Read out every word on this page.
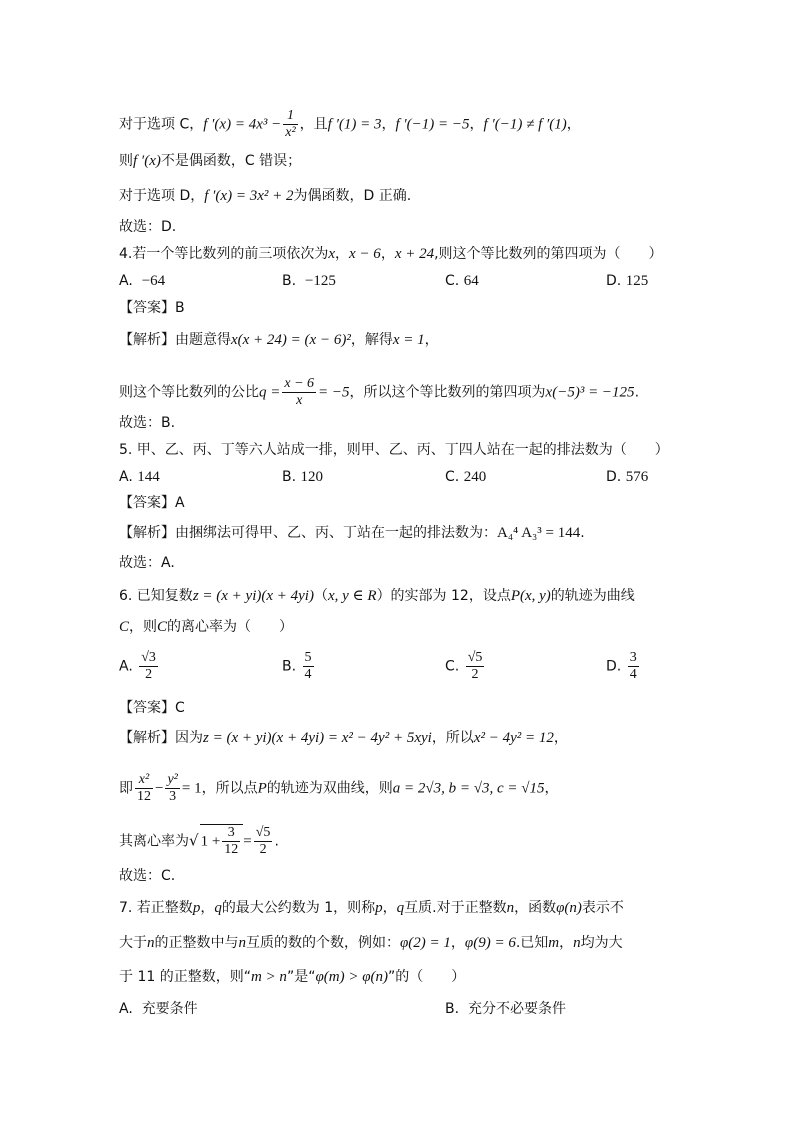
对于选项 C，f $'(x) = 4x^3 - \frac{1}{\text{x²}}$ ，且f ′(1) = 3，f ′(−1) = −5，f ′(−1) ≠ f ′(1)，
则f ′(x)不是偶函数，C 错误；
对于选项 D，f ′(x) = 3x² + 2为偶函数，D 正确.
故选：D.
4.若一个等比数列的前三项依次为x，x − 6，x + 24,则这个等比数列的第四项为（　　）
A. −64	B. −125	C. 64	D. 125
【答案】B
【解析】由题意得x(x + 24) = (x − 6)²，解得x = 1，
则这个等比数列的公比$q = \frac{x - 6}{x} = -5$，所以这个等比数列的第四项为x(−5)³ = −125.
故选：B.
5. 甲、乙、丙、丁等六人站成一排，则甲、乙、丙、丁四人站在一起的排法数为（　　）
A. 144	B. 120	C. 240	D. 576
【答案】A
【解析】由捆绑法可得甲、乙、丙、丁站在一起的排法数为：A₄⁴ A₃³ = 144.
故选：A.
6. 已知复数z = (x + yi)(x + 4yi)（x, y ∈ R）的实部为 12，设点P(x, y)的轨迹为曲线
C，则C的离心率为（　　）
A. $\frac{√3}{2}$	B. $\frac{5}{4}$	C. $\frac{√5}{2}$	D. $\frac{3}{4}$
【答案】C
【解析】因为z = (x + yi)(x + 4yi) = x² − 4y² + 5xyi，所以x² − 4y² = 12，
即 $\frac{\text{x²}}{12} - \frac{\text{y²}}{3} = 1$，所以点P的轨迹为双曲线，则a = 2√3, b = √3, c = √15，
其离心率为√ $1 + \frac{3}{12} = \frac{√5}{2}$ .
故选：C.
7. 若正整数p，q的最大公约数为 1，则称p，q互质.对于正整数n，函数φ(n)表示不
大于n的正整数中与n互质的数的个数，例如：φ(2) = 1，φ(9) = 6.已知m，n均为大
于 11 的正整数，则“m > n”是“φ(m) > φ(n)”的（　　）
A. 充要条件	B. 充分不必要条件
